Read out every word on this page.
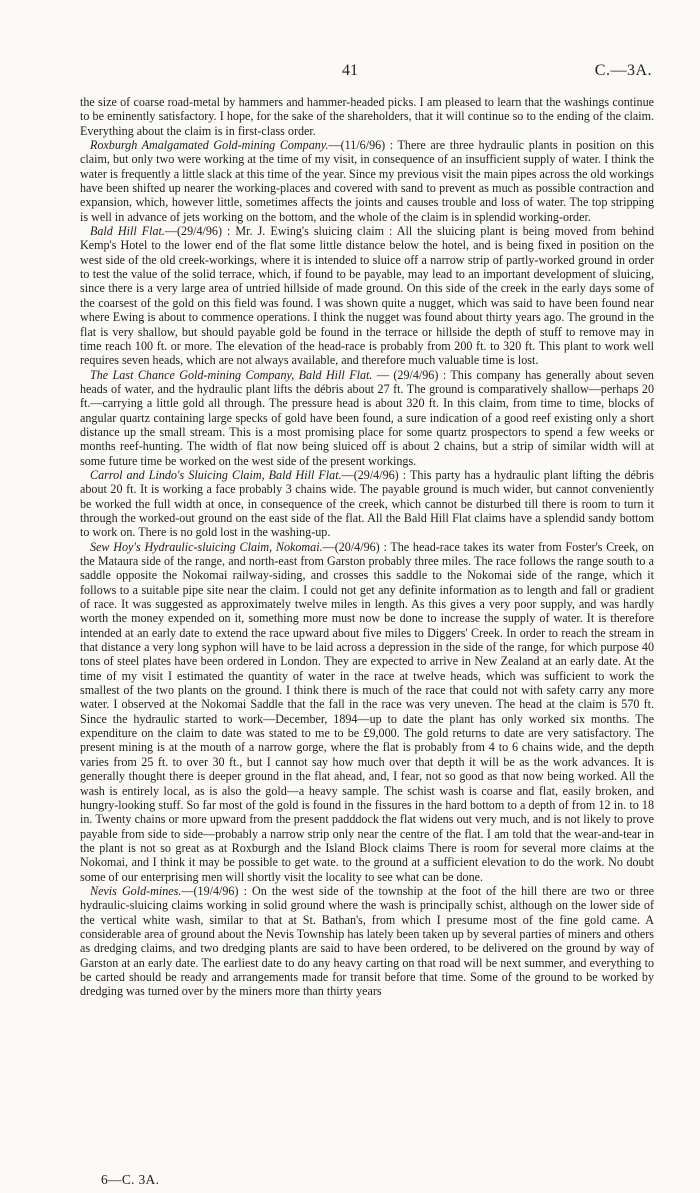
41	C.—3A.

the size of coarse road-metal by hammers and hammer-headed picks. I am pleased to learn that the washings continue to be eminently satisfactory. I hope, for the sake of the shareholders, that it will continue so to the ending of the claim. Everything about the claim is in first-class order.

Roxburgh Amalgamated Gold-mining Company.—(11/6/96) : There are three hydraulic plants in position on this claim, but only two were working at the time of my visit, in consequence of an insufficient supply of water. I think the water is frequently a little slack at this time of the year. Since my previous visit the main pipes across the old workings have been shifted up nearer the working-places and covered with sand to prevent as much as possible contraction and expansion, which, however little, sometimes affects the joints and causes trouble and loss of water. The top stripping is well in advance of jets working on the bottom, and the whole of the claim is in splendid working-order.

Bald Hill Flat.—(29/4/96) : Mr. J. Ewing's sluicing claim : All the sluicing plant is being moved from behind Kemp's Hotel to the lower end of the flat some little distance below the hotel, and is being fixed in position on the west side of the old creek-workings, where it is intended to sluice off a narrow strip of partly-worked ground in order to test the value of the solid terrace, which, if found to be payable, may lead to an important development of sluicing, since there is a very large area of untried hillside of made ground. On this side of the creek in the early days some of the coarsest of the gold on this field was found. I was shown quite a nugget, which was said to have been found near where Ewing is about to commence operations. I think the nugget was found about thirty years ago. The ground in the flat is very shallow, but should payable gold be found in the terrace or hillside the depth of stuff to remove may in time reach 100 ft. or more. The elevation of the head-race is probably from 200 ft. to 320 ft. This plant to work well requires seven heads, which are not always available, and therefore much valuable time is lost.

The Last Chance Gold-mining Company, Bald Hill Flat. — (29/4/96) : This company has generally about seven heads of water, and the hydraulic plant lifts the débris about 27 ft. The ground is comparatively shallow—perhaps 20 ft.—carrying a little gold all through. The pressure head is about 320 ft. In this claim, from time to time, blocks of angular quartz containing large specks of gold have been found, a sure indication of a good reef existing only a short distance up the small stream. This is a most promising place for some quartz prospectors to spend a few weeks or months reef-hunting. The width of flat now being sluiced off is about 2 chains, but a strip of similar width will at some future time be worked on the west side of the present workings.

Carrol and Lindo's Sluicing Claim, Bald Hill Flat.—(29/4/96) : This party has a hydraulic plant lifting the débris about 20 ft. It is working a face probably 3 chains wide. The payable ground is much wider, but cannot conveniently be worked the full width at once, in consequence of the creek, which cannot be disturbed till there is room to turn it through the worked-out ground on the east side of the flat. All the Bald Hill Flat claims have a splendid sandy bottom to work on. There is no gold lost in the washing-up.

Sew Hoy's Hydraulic-sluicing Claim, Nokomai.—(20/4/96) : The head-race takes its water from Foster's Creek, on the Mataura side of the range, and north-east from Garston probably three miles. The race follows the range south to a saddle opposite the Nokomai railway-siding, and crosses this saddle to the Nokomai side of the range, which it follows to a suitable pipe site near the claim. I could not get any definite information as to length and fall or gradient of race. It was suggested as approximately twelve miles in length. As this gives a very poor supply, and was hardly worth the money expended on it, something more must now be done to increase the supply of water. It is therefore intended at an early date to extend the race upward about five miles to Diggers' Creek. In order to reach the stream in that distance a very long syphon will have to be laid across a depression in the side of the range, for which purpose 40 tons of steel plates have been ordered in London. They are expected to arrive in New Zealand at an early date. At the time of my visit I estimated the quantity of water in the race at twelve heads, which was sufficient to work the smallest of the two plants on the ground. I think there is much of the race that could not with safety carry any more water. I observed at the Nokomai Saddle that the fall in the race was very uneven. The head at the claim is 570 ft. Since the hydraulic started to work—December, 1894—up to date the plant has only worked six months. The expenditure on the claim to date was stated to me to be £9,000. The gold returns to date are very satisfactory. The present mining is at the mouth of a narrow gorge, where the flat is probably from 4 to 6 chains wide, and the depth varies from 25 ft. to over 30 ft., but I cannot say how much over that depth it will be as the work advances. It is generally thought there is deeper ground in the flat ahead, and, I fear, not so good as that now being worked. All the wash is entirely local, as is also the gold—a heavy sample. The schist wash is coarse and flat, easily broken, and hungry-looking stuff. So far most of the gold is found in the fissures in the hard bottom to a depth of from 12 in. to 18 in. Twenty chains or more upward from the present padddock the flat widens out very much, and is not likely to prove payable from side to side—probably a narrow strip only near the centre of the flat. I am told that the wear-and-tear in the plant is not so great as at Roxburgh and the Island Block claims There is room for several more claims at the Nokomai, and I think it may be possible to get wate. to the ground at a sufficient elevation to do the work. No doubt some of our enterprising men will shortly visit the locality to see what can be done.

Nevis Gold-mines.—(19/4/96) : On the west side of the township at the foot of the hill there are two or three hydraulic-sluicing claims working in solid ground where the wash is principally schist, although on the lower side of the vertical white wash, similar to that at St. Bathan's, from which I presume most of the fine gold came. A considerable area of ground about the Nevis Township has lately been taken up by several parties of miners and others as dredging claims, and two dredging plants are said to have been ordered, to be delivered on the ground by way of Garston at an early date. The earliest date to do any heavy carting on that road will be next summer, and everything to be carted should be ready and arrangements made for transit before that time. Some of the ground to be worked by dredging was turned over by the miners more than thirty years

6—C. 3A.
